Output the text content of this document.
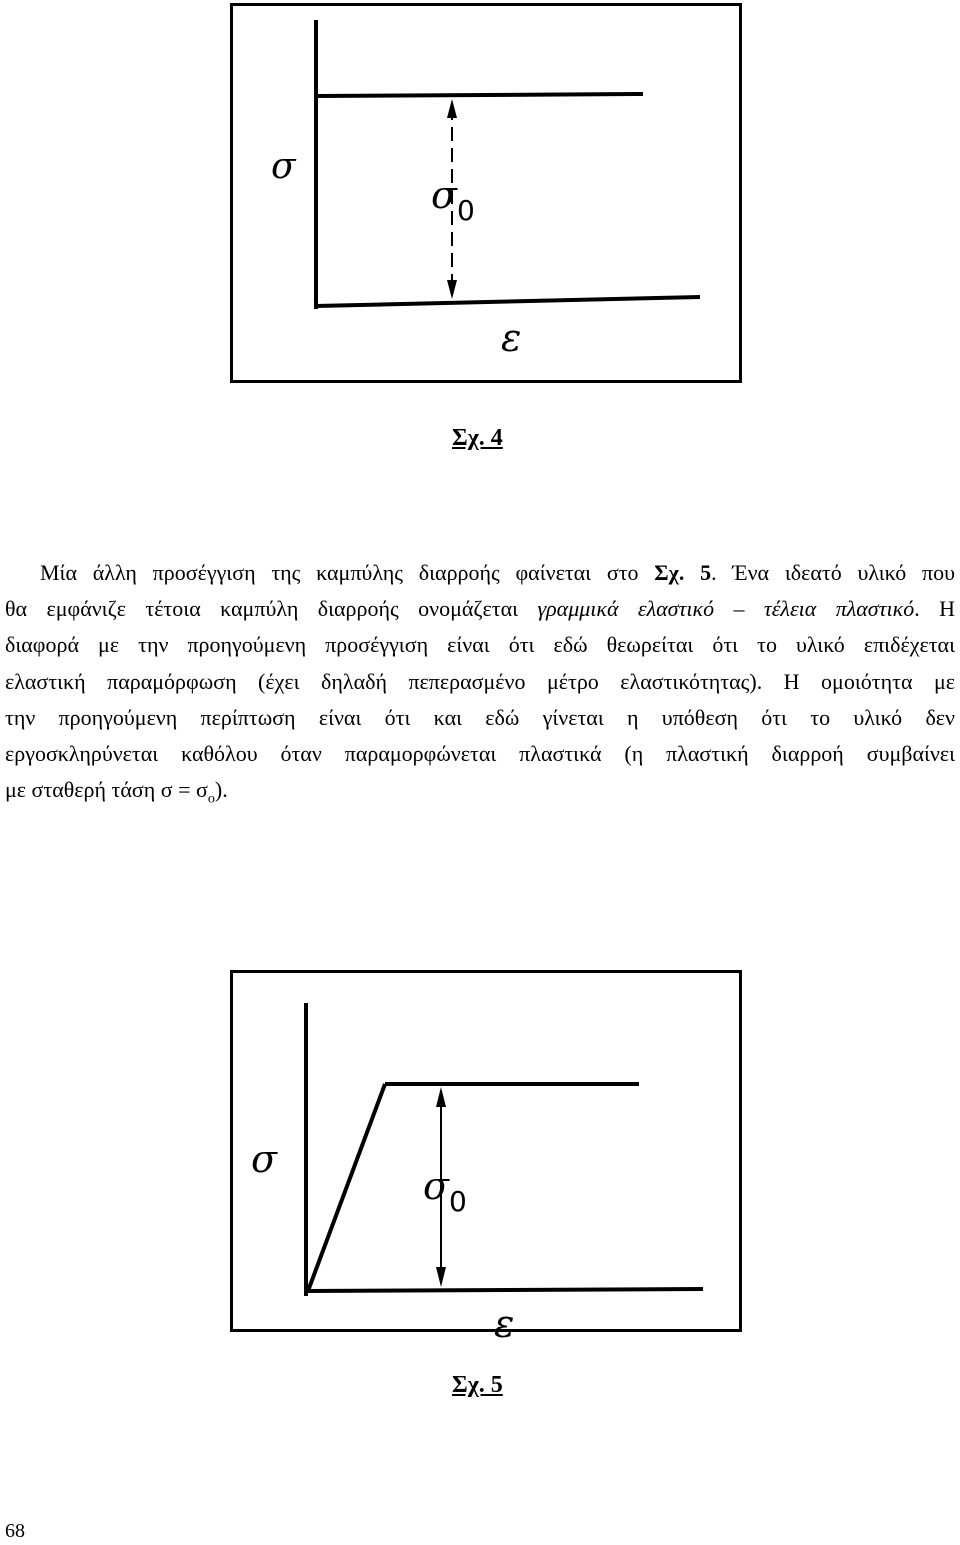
σ
σ 0
ε
Σχ. 4
Μία άλλη προσέγγιση της καμπύλης διαρροής φαίνεται στο Σχ. 5. Ένα ιδεατό υλικό που
θα εμφάνιζε τέτοια καμπύλη διαρροής ονομάζεται γραμμικά ελαστικό – τέλεια πλαστικό. Η
διαφορά με την προηγούμενη προσέγγιση είναι ότι εδώ θεωρείται ότι το υλικό επιδέχεται
ελαστική παραμόρφωση (έχει δηλαδή πεπερασμένο μέτρο ελαστικότητας). Η ομοιότητα με
την προηγούμενη περίπτωση είναι ότι και εδώ γίνεται η υπόθεση ότι το υλικό δεν
εργοσκληρύνεται καθόλου όταν παραμορφώνεται πλαστικά (η πλαστική διαρροή συμβαίνει
με σταθερή τάση $\sigma = \sigma_o$).
σ
σ 0
ε
Σχ. 5
68
